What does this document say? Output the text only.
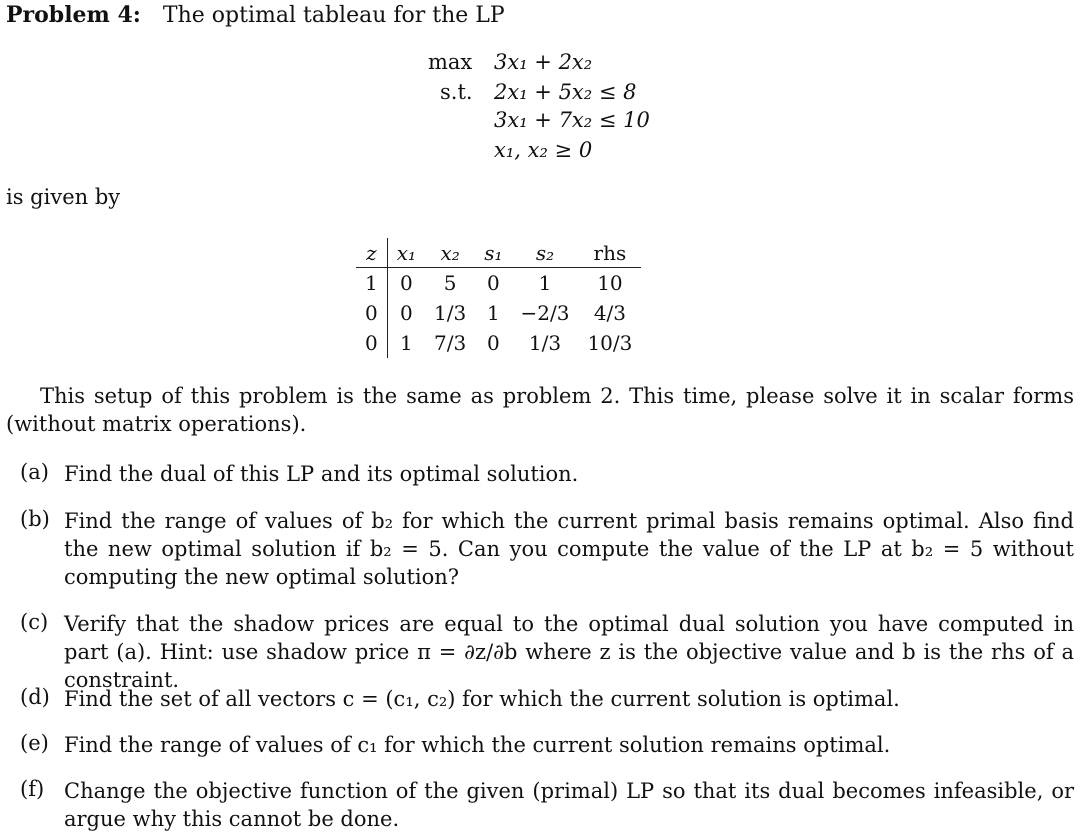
Problem 4: The optimal tableau for the LP
max 3x₁ + 2x₂
s.t. 2x₁ + 5x₂ ≤ 8
3x₁ + 7x₂ ≤ 10
x₁, x₂ ≥ 0
is given by
z	x₁	x₂	s₁	s₂	rhs
1	0	5	0	1	10
0	0	1/3	1	−2/3	4/3
0	1	7/3	0	1/3	10/3

This setup of this problem is the same as problem 2. This time, please solve it in scalar forms (without matrix operations).

(a) Find the dual of this LP and its optimal solution.

(b) Find the range of values of b₂ for which the current primal basis remains optimal. Also find the new optimal solution if b₂ = 5. Can you compute the value of the LP at b₂ = 5 without computing the new optimal solution?

(c) Verify that the shadow prices are equal to the optimal dual solution you have computed in part (a). Hint: use shadow price π = ∂z/∂b where z is the objective value and b is the rhs of a constraint.

(d) Find the set of all vectors c = (c₁, c₂) for which the current solution is optimal.

(e) Find the range of values of c₁ for which the current solution remains optimal.

(f) Change the objective function of the given (primal) LP so that its dual becomes infeasible, or argue why this cannot be done.
